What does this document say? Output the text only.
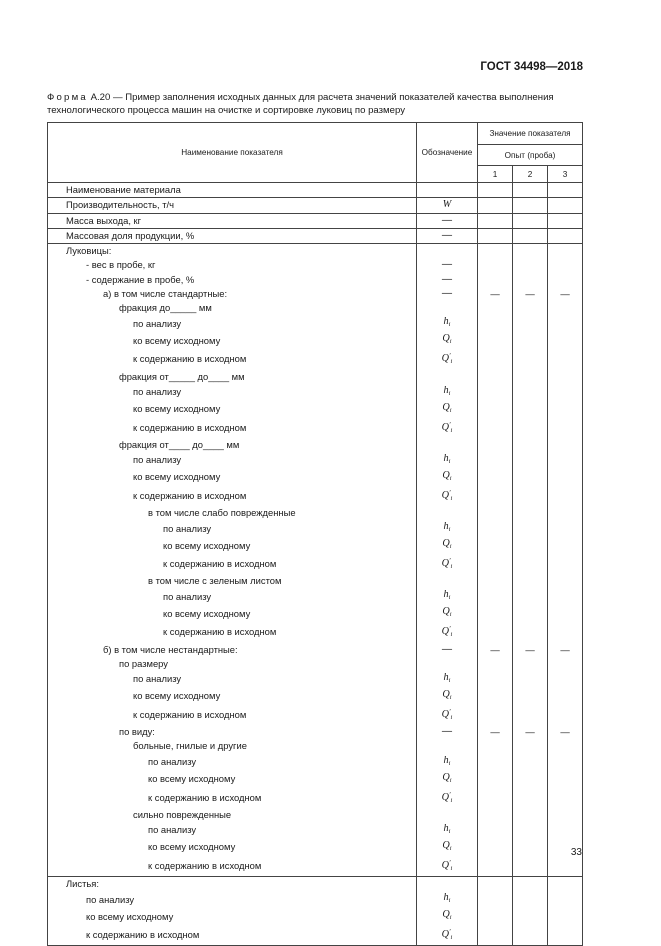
ГОСТ 34498—2018
Форма А.20 — Пример заполнения исходных данных для расчета значений показателей качества выполнения
технологического процесса машин на очистке и сортировке луковиц по размеру
Наименование показателя	Обозначение	Значение показателя		
		Опыт (проба)		
		1	2	3
Наименование материала				
Производительность, т/ч	W			
Масса выхода, кг	—			
Массовая доля продукции, %	—			
Луковицы:				
- вес в пробе, кг	—			
- содержание в пробе, %	—			
а) в том числе стандартные:	—	—	—	—
фракция до_____ мм				
по анализу	$h_i$			
ко всему исходному	$Q_i$			
к содержанию в исходном	$Q'_i$			
фракция от_____ до____ мм				
по анализу	$h_i$			
ко всему исходному	$Q_i$			
к содержанию в исходном	$Q'_i$			
фракция от____ до____ мм				
по анализу	$h_i$			
ко всему исходному	$Q_i$			
к содержанию в исходном	$Q'_i$			
в том числе слабо поврежденные				
по анализу	$h_i$			
ко всему исходному	$Q_i$			
к содержанию в исходном	$Q'_i$			
в том числе с зеленым листом				
по анализу	$h_i$			
ко всему исходному	$Q_i$			
к содержанию в исходном	$Q'_i$			
б) в том числе нестандартные:	—	—	—	—
по размеру				
по анализу	$h_i$			
ко всему исходному	$Q_i$			
к содержанию в исходном	$Q'_i$			
по виду:	—	—	—	—
больные, гнилые и другие				
по анализу	$h_i$			
ко всему исходному	$Q_i$			
к содержанию в исходном	$Q'_i$			
сильно поврежденные				
по анализу	$h_i$			
ко всему исходному	$Q_i$			
к содержанию в исходном	$Q'_i$			
Листья:				
по анализу	$h_i$			
ко всему исходному	$Q_i$			
к содержанию в исходном	$Q'_i$			
33
